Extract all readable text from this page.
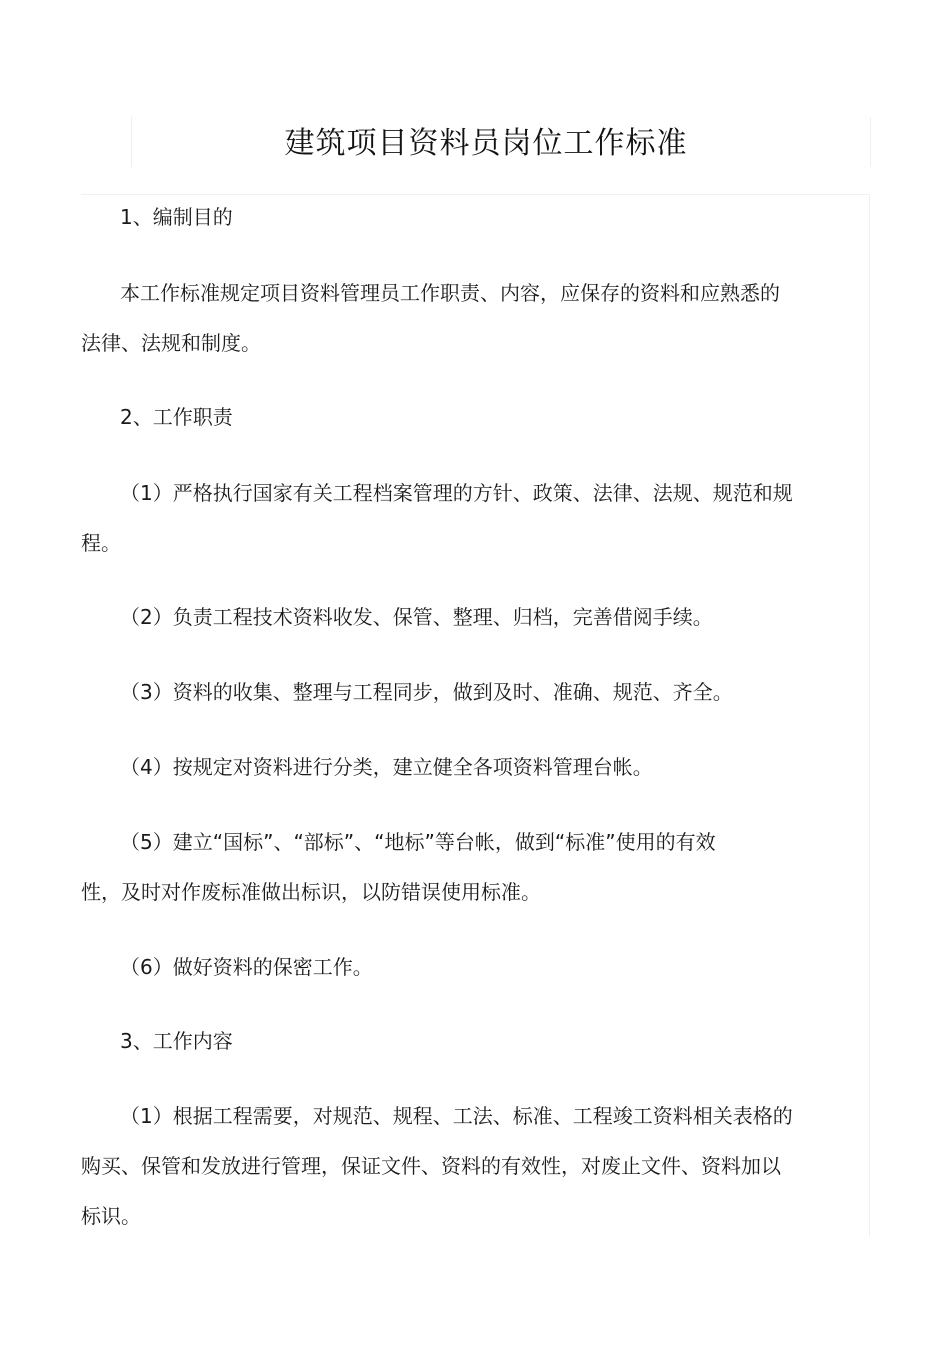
建筑项目资料员岗位工作标准

1、编制目的

本工作标准规定项目资料管理员工作职责、内容，应保存的资料和应熟悉的

法律、法规和制度。

2、工作职责

（1）严格执行国家有关工程档案管理的方针、政策、法律、法规、规范和规

程。

（2）负责工程技术资料收发、保管、整理、归档，完善借阅手续。

（3）资料的收集、整理与工程同步，做到及时、准确、规范、齐全。

（4）按规定对资料进行分类，建立健全各项资料管理台帐。

（5）建立“国标”、“部标”、“地标”等台帐，做到“标准”使用的有效

性，及时对作废标准做出标识，以防错误使用标准。

（6）做好资料的保密工作。

3、工作内容

（1）根据工程需要，对规范、规程、工法、标准、工程竣工资料相关表格的

购买、保管和发放进行管理，保证文件、资料的有效性，对废止文件、资料加以

标识。
